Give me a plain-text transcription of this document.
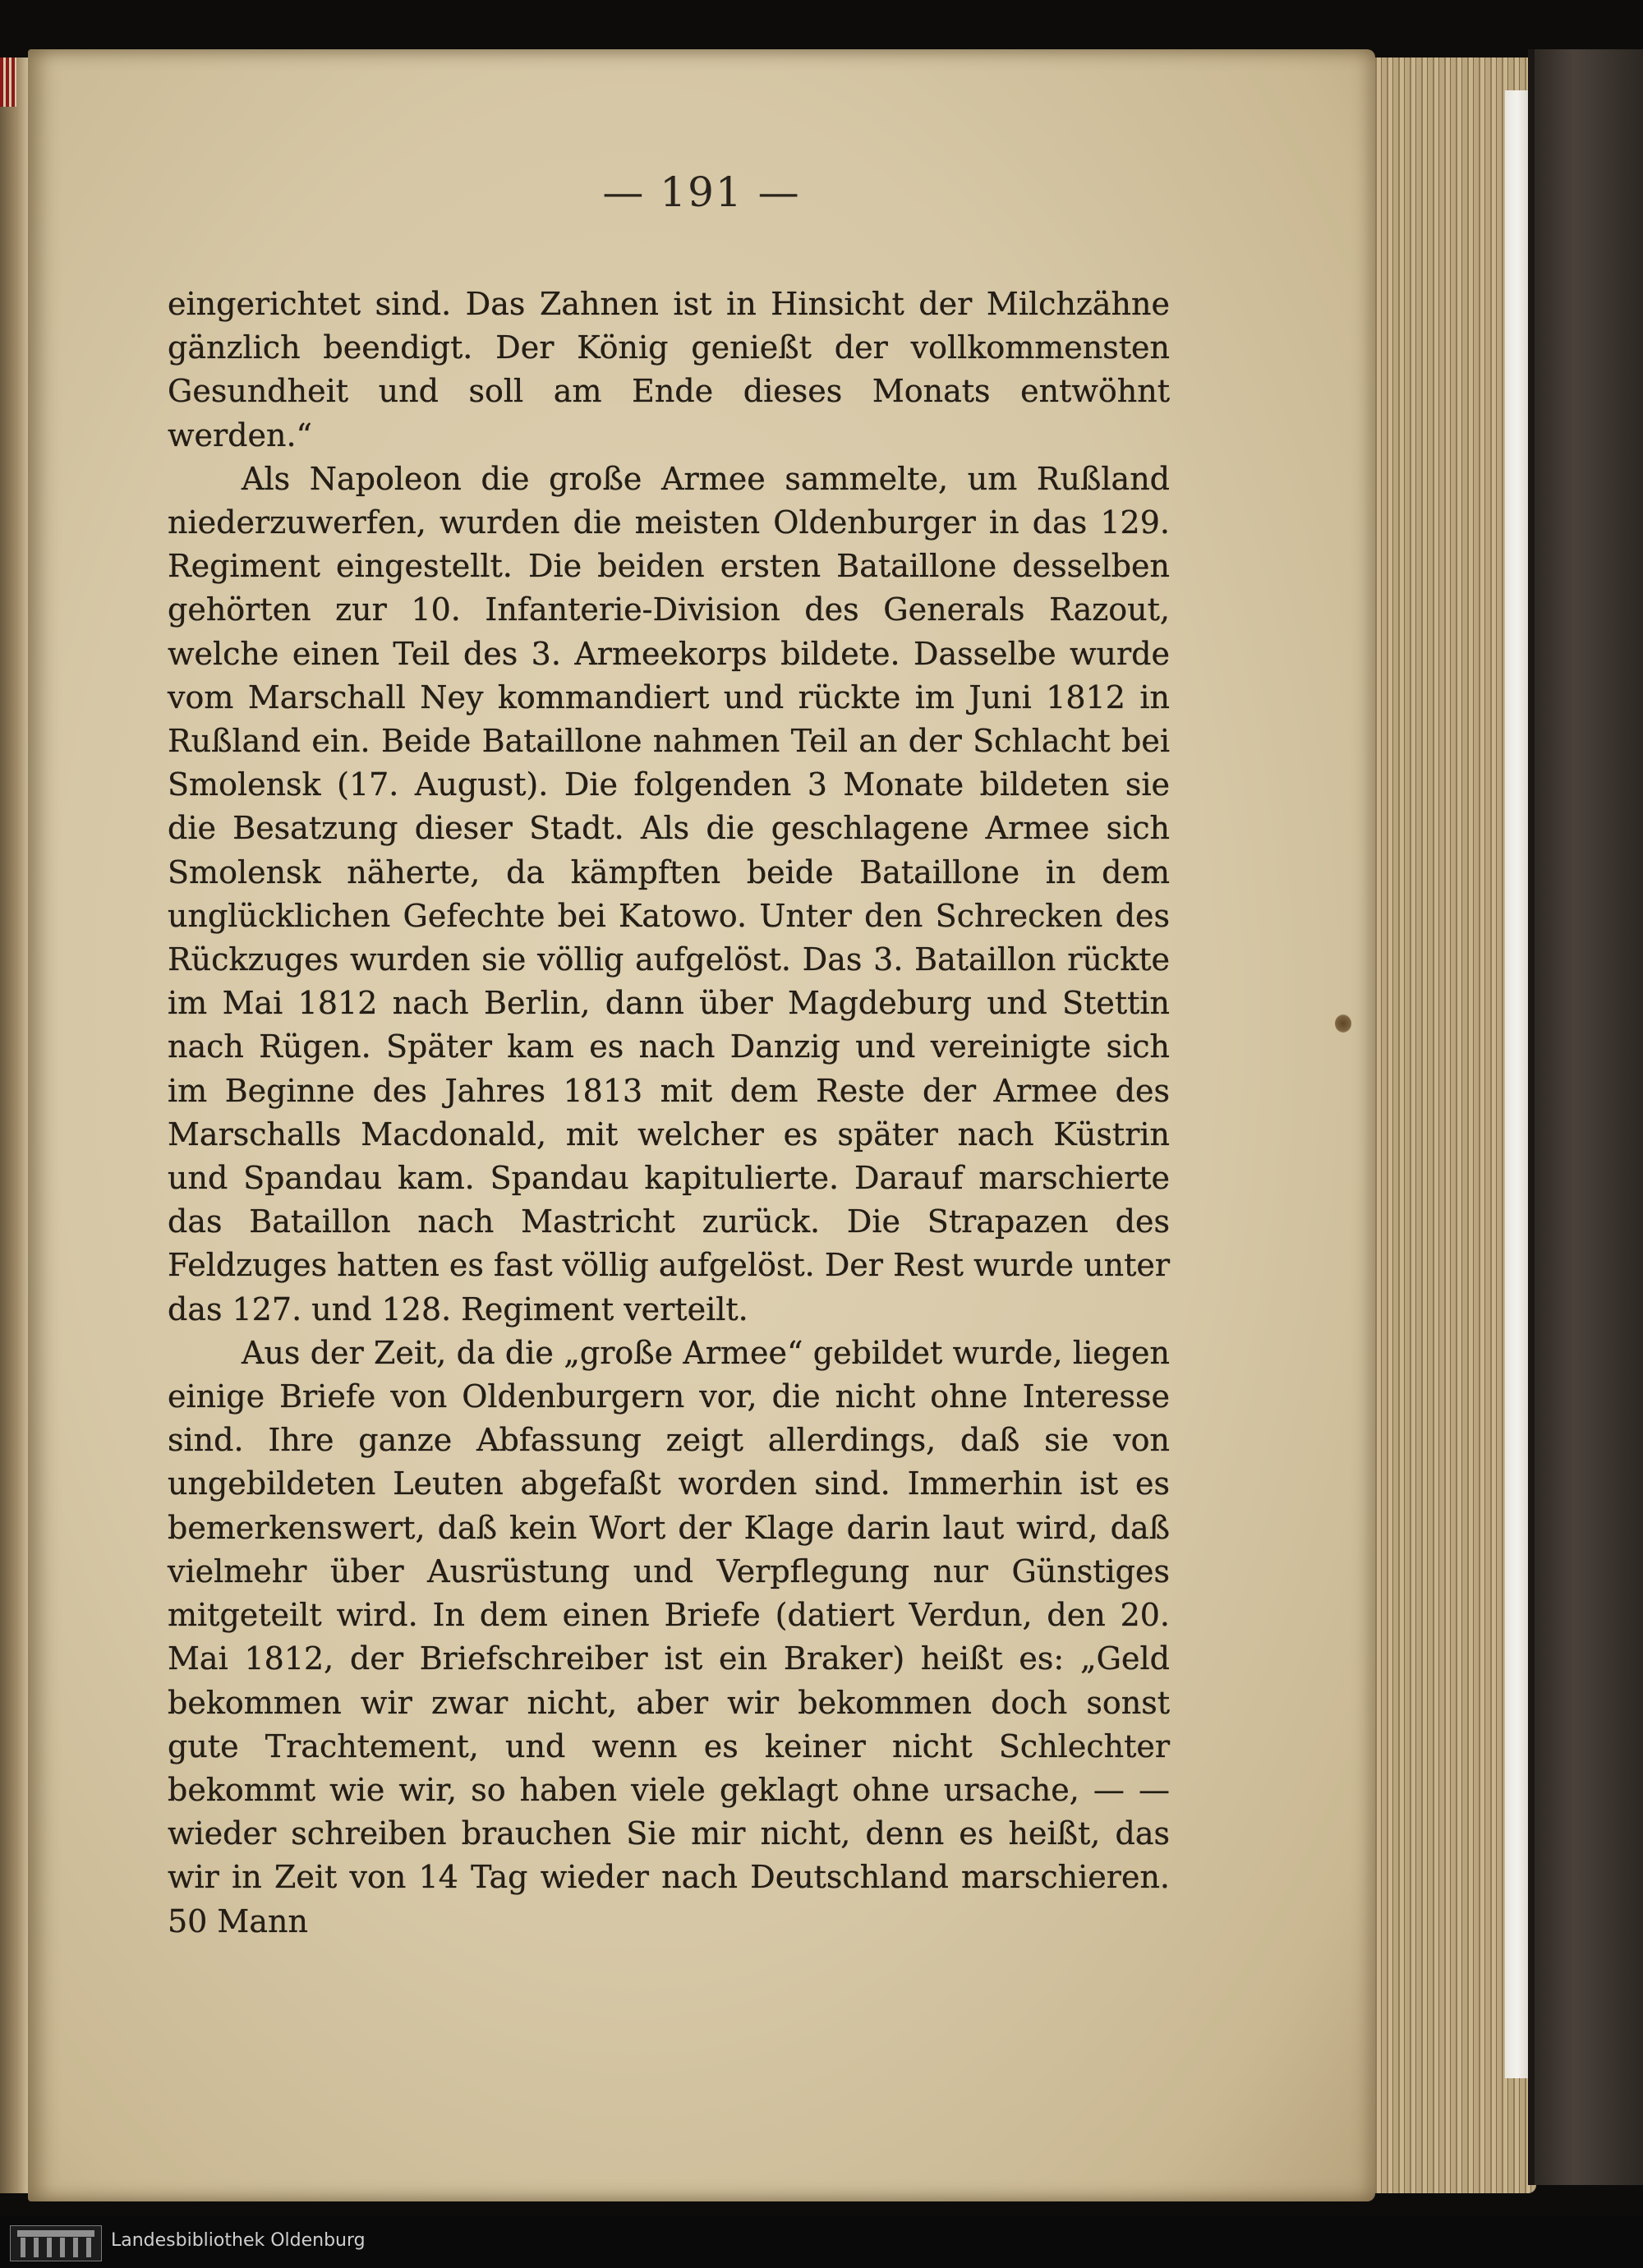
— 191 —

eingerichtet sind. Das Zahnen ist in Hinsicht der Milchzähne gänzlich beendigt. Der König genießt der vollkommensten Gesundheit und soll am Ende dieses Monats entwöhnt werden.“

Als Napoleon die große Armee sammelte, um Rußland niederzuwerfen, wurden die meisten Oldenburger in das 129. Regiment eingestellt. Die beiden ersten Bataillone desselben gehörten zur 10. Infanterie-Division des Generals Razout, welche einen Teil des 3. Armeekorps bildete. Dasselbe wurde vom Marschall Ney kommandiert und rückte im Juni 1812 in Rußland ein. Beide Bataillone nahmen Teil an der Schlacht bei Smolensk (17. August). Die folgenden 3 Monate bildeten sie die Besatzung dieser Stadt. Als die geschlagene Armee sich Smolensk näherte, da kämpften beide Bataillone in dem unglücklichen Gefechte bei Katowo. Unter den Schrecken des Rückzuges wurden sie völlig aufgelöst. Das 3. Bataillon rückte im Mai 1812 nach Berlin, dann über Magdeburg und Stettin nach Rügen. Später kam es nach Danzig und vereinigte sich im Beginne des Jahres 1813 mit dem Reste der Armee des Marschalls Macdonald, mit welcher es später nach Küstrin und Spandau kam. Spandau kapitulierte. Darauf marschierte das Bataillon nach Mastricht zurück. Die Strapazen des Feldzuges hatten es fast völlig aufgelöst. Der Rest wurde unter das 127. und 128. Regiment verteilt.

Aus der Zeit, da die „große Armee“ gebildet wurde, liegen einige Briefe von Oldenburgern vor, die nicht ohne Interesse sind. Ihre ganze Abfassung zeigt allerdings, daß sie von ungebildeten Leuten abgefaßt worden sind. Immerhin ist es bemerkenswert, daß kein Wort der Klage darin laut wird, daß vielmehr über Ausrüstung und Verpflegung nur Günstiges mitgeteilt wird. In dem einen Briefe (datiert Verdun, den 20. Mai 1812, der Briefschreiber ist ein Braker) heißt es: „Geld bekommen wir zwar nicht, aber wir bekommen doch sonst gute Trachtement, und wenn es keiner nicht Schlechter bekommt wie wir, so haben viele geklagt ohne ursache, — — wieder schreiben brauchen Sie mir nicht, denn es heißt, das wir in Zeit von 14 Tag wieder nach Deutschland marschieren. 50 Mann

Landesbibliothek Oldenburg
